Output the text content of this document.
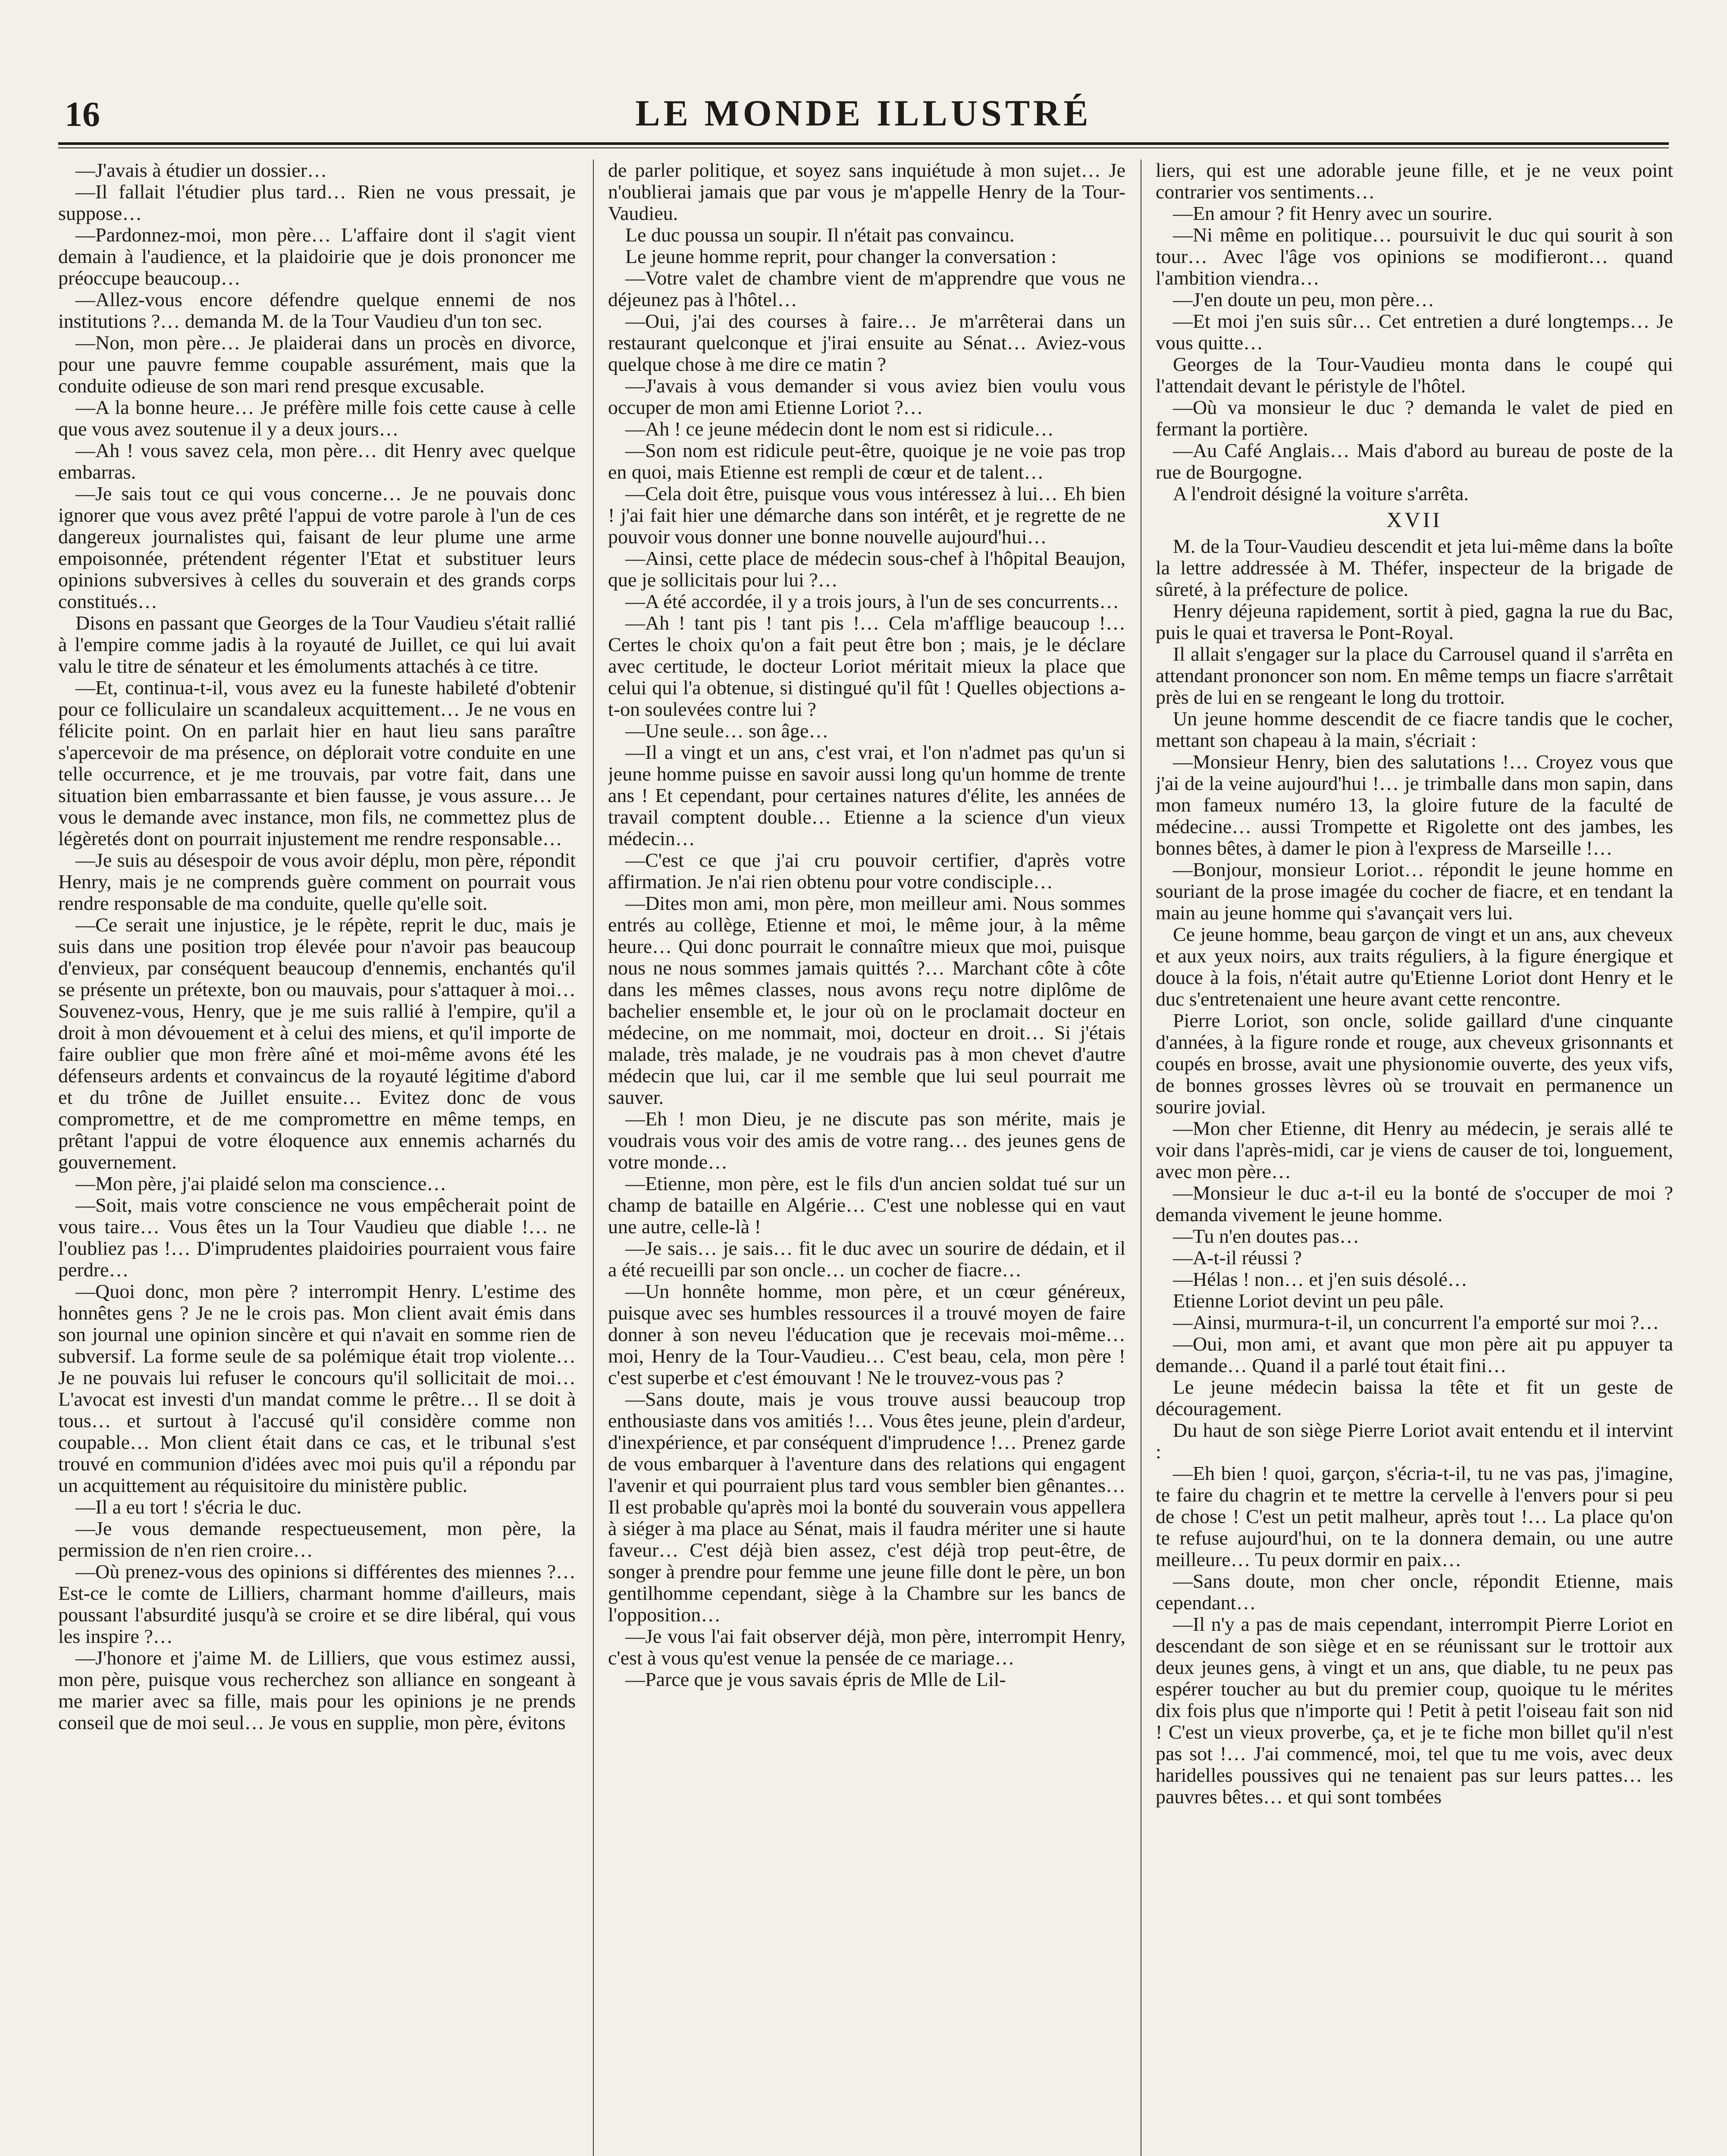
16	LE MONDE ILLUSTRÉ

—J'avais à étudier un dossier…

—Il fallait l'étudier plus tard… Rien ne vous pressait, je suppose…

—Pardonnez-moi, mon père… L'affaire dont il s'agit vient demain à l'audience, et la plaidoirie que je dois prononcer me préoccupe beaucoup…

—Allez-vous encore défendre quelque ennemi de nos institutions ?… demanda M. de la Tour Vaudieu d'un ton sec.

—Non, mon père… Je plaiderai dans un procès en divorce, pour une pauvre femme coupable assurément, mais que la conduite odieuse de son mari rend presque excusable.

—A la bonne heure… Je préfère mille fois cette cause à celle que vous avez soutenue il y a deux jours…

—Ah ! vous savez cela, mon père… dit Henry avec quelque embarras.

—Je sais tout ce qui vous concerne… Je ne pouvais donc ignorer que vous avez prêté l'appui de votre parole à l'un de ces dangereux journalistes qui, faisant de leur plume une arme empoisonnée, prétendent régenter l'Etat et substituer leurs opinions subversives à celles du souverain et des grands corps constitués…

Disons en passant que Georges de la Tour Vaudieu s'était rallié à l'empire comme jadis à la royauté de Juillet, ce qui lui avait valu le titre de sénateur et les émoluments attachés à ce titre.

—Et, continua-t-il, vous avez eu la funeste habileté d'obtenir pour ce folliculaire un scandaleux acquittement… Je ne vous en félicite point. On en parlait hier en haut lieu sans paraître s'apercevoir de ma présence, on déplorait votre conduite en une telle occurrence, et je me trouvais, par votre fait, dans une situation bien embarrassante et bien fausse, je vous assure… Je vous le demande avec instance, mon fils, ne commettez plus de légèretés dont on pourrait injustement me rendre responsable…

—Je suis au désespoir de vous avoir déplu, mon père, répondit Henry, mais je ne comprends guère comment on pourrait vous rendre responsable de ma conduite, quelle qu'elle soit.

—Ce serait une injustice, je le répète, reprit le duc, mais je suis dans une position trop élevée pour n'avoir pas beaucoup d'envieux, par conséquent beaucoup d'ennemis, enchantés qu'il se présente un prétexte, bon ou mauvais, pour s'attaquer à moi… Souvenez-vous, Henry, que je me suis rallié à l'empire, qu'il a droit à mon dévouement et à celui des miens, et qu'il importe de faire oublier que mon frère aîné et moi-même avons été les défenseurs ardents et convaincus de la royauté légitime d'abord et du trône de Juillet ensuite… Evitez donc de vous compromettre, et de me compromettre en même temps, en prêtant l'appui de votre éloquence aux ennemis acharnés du gouvernement.

—Mon père, j'ai plaidé selon ma conscience…

—Soit, mais votre conscience ne vous empêcherait point de vous taire… Vous êtes un la Tour Vaudieu que diable !… ne l'oubliez pas !… D'imprudentes plaidoiries pourraient vous faire perdre…

—Quoi donc, mon père ? interrompit Henry. L'estime des honnêtes gens ? Je ne le crois pas. Mon client avait émis dans son journal une opinion sincère et qui n'avait en somme rien de subversif. La forme seule de sa polémique était trop violente… Je ne pouvais lui refuser le concours qu'il sollicitait de moi… L'avocat est investi d'un mandat comme le prêtre… Il se doit à tous… et surtout à l'accusé qu'il considère comme non coupable… Mon client était dans ce cas, et le tribunal s'est trouvé en communion d'idées avec moi puis qu'il a répondu par un acquittement au réquisitoire du ministère public.

—Il a eu tort ! s'écria le duc.

—Je vous demande respectueusement, mon père, la permission de n'en rien croire…

—Où prenez-vous des opinions si différentes des miennes ?… Est-ce le comte de Lilliers, charmant homme d'ailleurs, mais poussant l'absurdité jusqu'à se croire et se dire libéral, qui vous les inspire ?…

—J'honore et j'aime M. de Lilliers, que vous estimez aussi, mon père, puisque vous recherchez son alliance en songeant à me marier avec sa fille, mais pour les opinions je ne prends conseil que de moi seul… Je vous en supplie, mon père, évitons

de parler politique, et soyez sans inquiétude à mon sujet… Je n'oublierai jamais que par vous je m'appelle Henry de la Tour-Vaudieu.

Le duc poussa un soupir. Il n'était pas convaincu.

Le jeune homme reprit, pour changer la conversation :

—Votre valet de chambre vient de m'apprendre que vous ne déjeunez pas à l'hôtel…

—Oui, j'ai des courses à faire… Je m'arrêterai dans un restaurant quelconque et j'irai ensuite au Sénat… Aviez-vous quelque chose à me dire ce matin ?

—J'avais à vous demander si vous aviez bien voulu vous occuper de mon ami Etienne Loriot ?…

—Ah ! ce jeune médecin dont le nom est si ridicule…

—Son nom est ridicule peut-être, quoique je ne voie pas trop en quoi, mais Etienne est rempli de cœur et de talent…

—Cela doit être, puisque vous vous intéressez à lui… Eh bien ! j'ai fait hier une démarche dans son intérêt, et je regrette de ne pouvoir vous donner une bonne nouvelle aujourd'hui…

—Ainsi, cette place de médecin sous-chef à l'hôpital Beaujon, que je sollicitais pour lui ?…

—A été accordée, il y a trois jours, à l'un de ses concurrents…

—Ah ! tant pis ! tant pis !… Cela m'afflige beaucoup !… Certes le choix qu'on a fait peut être bon ; mais, je le déclare avec certitude, le docteur Loriot méritait mieux la place que celui qui l'a obtenue, si distingué qu'il fût ! Quelles objections a-t-on soulevées contre lui ?

—Une seule… son âge…

—Il a vingt et un ans, c'est vrai, et l'on n'admet pas qu'un si jeune homme puisse en savoir aussi long qu'un homme de trente ans ! Et cependant, pour certaines natures d'élite, les années de travail comptent double… Etienne a la science d'un vieux médecin…

—C'est ce que j'ai cru pouvoir certifier, d'après votre affirmation. Je n'ai rien obtenu pour votre condisciple…

—Dites mon ami, mon père, mon meilleur ami. Nous sommes entrés au collège, Etienne et moi, le même jour, à la même heure… Qui donc pourrait le connaître mieux que moi, puisque nous ne nous sommes jamais quittés ?… Marchant côte à côte dans les mêmes classes, nous avons reçu notre diplôme de bachelier ensemble et, le jour où on le proclamait docteur en médecine, on me nommait, moi, docteur en droit… Si j'étais malade, très malade, je ne voudrais pas à mon chevet d'autre médecin que lui, car il me semble que lui seul pourrait me sauver.

—Eh ! mon Dieu, je ne discute pas son mérite, mais je voudrais vous voir des amis de votre rang… des jeunes gens de votre monde…

—Etienne, mon père, est le fils d'un ancien soldat tué sur un champ de bataille en Algérie… C'est une noblesse qui en vaut une autre, celle-là !

—Je sais… je sais… fit le duc avec un sourire de dédain, et il a été recueilli par son oncle… un cocher de fiacre…

—Un honnête homme, mon père, et un cœur généreux, puisque avec ses humbles ressources il a trouvé moyen de faire donner à son neveu l'éducation que je recevais moi-même… moi, Henry de la Tour-Vaudieu… C'est beau, cela, mon père ! c'est superbe et c'est émouvant ! Ne le trouvez-vous pas ?

—Sans doute, mais je vous trouve aussi beaucoup trop enthousiaste dans vos amitiés !… Vous êtes jeune, plein d'ardeur, d'inexpérience, et par conséquent d'imprudence !… Prenez garde de vous embarquer à l'aventure dans des relations qui engagent l'avenir et qui pourraient plus tard vous sembler bien gênantes… Il est probable qu'après moi la bonté du souverain vous appellera à siéger à ma place au Sénat, mais il faudra mériter une si haute faveur… C'est déjà bien assez, c'est déjà trop peut-être, de songer à prendre pour femme une jeune fille dont le père, un bon gentilhomme cependant, siège à la Chambre sur les bancs de l'opposition…

—Je vous l'ai fait observer déjà, mon père, interrompit Henry, c'est à vous qu'est venue la pensée de ce mariage…

—Parce que je vous savais épris de Mlle de Lil-

liers, qui est une adorable jeune fille, et je ne veux point contrarier vos sentiments…

—En amour ? fit Henry avec un sourire.

—Ni même en politique… poursuivit le duc qui sourit à son tour… Avec l'âge vos opinions se modifieront… quand l'ambition viendra…

—J'en doute un peu, mon père…

—Et moi j'en suis sûr… Cet entretien a duré longtemps… Je vous quitte…

Georges de la Tour-Vaudieu monta dans le coupé qui l'attendait devant le péristyle de l'hôtel.

—Où va monsieur le duc ? demanda le valet de pied en fermant la portière.

—Au Café Anglais… Mais d'abord au bureau de poste de la rue de Bourgogne.

A l'endroit désigné la voiture s'arrêta.

XVII

M. de la Tour-Vaudieu descendit et jeta lui-même dans la boîte la lettre addressée à M. Théfer, inspecteur de la brigade de sûreté, à la préfecture de police.

Henry déjeuna rapidement, sortit à pied, gagna la rue du Bac, puis le quai et traversa le Pont-Royal.

Il allait s'engager sur la place du Carrousel quand il s'arrêta en attendant prononcer son nom. En même temps un fiacre s'arrêtait près de lui en se rengeant le long du trottoir.

Un jeune homme descendit de ce fiacre tandis que le cocher, mettant son chapeau à la main, s'écriait :

—Monsieur Henry, bien des salutations !… Croyez vous que j'ai de la veine aujourd'hui !… je trimballe dans mon sapin, dans mon fameux numéro 13, la gloire future de la faculté de médecine… aussi Trompette et Rigolette ont des jambes, les bonnes bêtes, à damer le pion à l'express de Marseille !…

—Bonjour, monsieur Loriot… répondit le jeune homme en souriant de la prose imagée du cocher de fiacre, et en tendant la main au jeune homme qui s'avançait vers lui.

Ce jeune homme, beau garçon de vingt et un ans, aux cheveux et aux yeux noirs, aux traits réguliers, à la figure énergique et douce à la fois, n'était autre qu'Etienne Loriot dont Henry et le duc s'entretenaient une heure avant cette rencontre.

Pierre Loriot, son oncle, solide gaillard d'une cinquante d'années, à la figure ronde et rouge, aux cheveux grisonnants et coupés en brosse, avait une physionomie ouverte, des yeux vifs, de bonnes grosses lèvres où se trouvait en permanence un sourire jovial.

—Mon cher Etienne, dit Henry au médecin, je serais allé te voir dans l'après-midi, car je viens de causer de toi, longuement, avec mon père…

—Monsieur le duc a-t-il eu la bonté de s'occuper de moi ? demanda vivement le jeune homme.

—Tu n'en doutes pas…

—A-t-il réussi ?

—Hélas ! non… et j'en suis désolé…

Etienne Loriot devint un peu pâle.

—Ainsi, murmura-t-il, un concurrent l'a emporté sur moi ?…

—Oui, mon ami, et avant que mon père ait pu appuyer ta demande… Quand il a parlé tout était fini…

Le jeune médecin baissa la tête et fit un geste de découragement.

Du haut de son siège Pierre Loriot avait entendu et il intervint :

—Eh bien ! quoi, garçon, s'écria-t-il, tu ne vas pas, j'imagine, te faire du chagrin et te mettre la cervelle à l'envers pour si peu de chose ! C'est un petit malheur, après tout !… La place qu'on te refuse aujourd'hui, on te la donnera demain, ou une autre meilleure… Tu peux dormir en paix…

—Sans doute, mon cher oncle, répondit Etienne, mais cependant…

—Il n'y a pas de mais cependant, interrompit Pierre Loriot en descendant de son siège et en se réunissant sur le trottoir aux deux jeunes gens, à vingt et un ans, que diable, tu ne peux pas espérer toucher au but du premier coup, quoique tu le mérites dix fois plus que n'importe qui ! Petit à petit l'oiseau fait son nid ! C'est un vieux proverbe, ça, et je te fiche mon billet qu'il n'est pas sot !… J'ai commencé, moi, tel que tu me vois, avec deux haridelles poussives qui ne tenaient pas sur leurs pattes… les pauvres bêtes… et qui sont tombées
